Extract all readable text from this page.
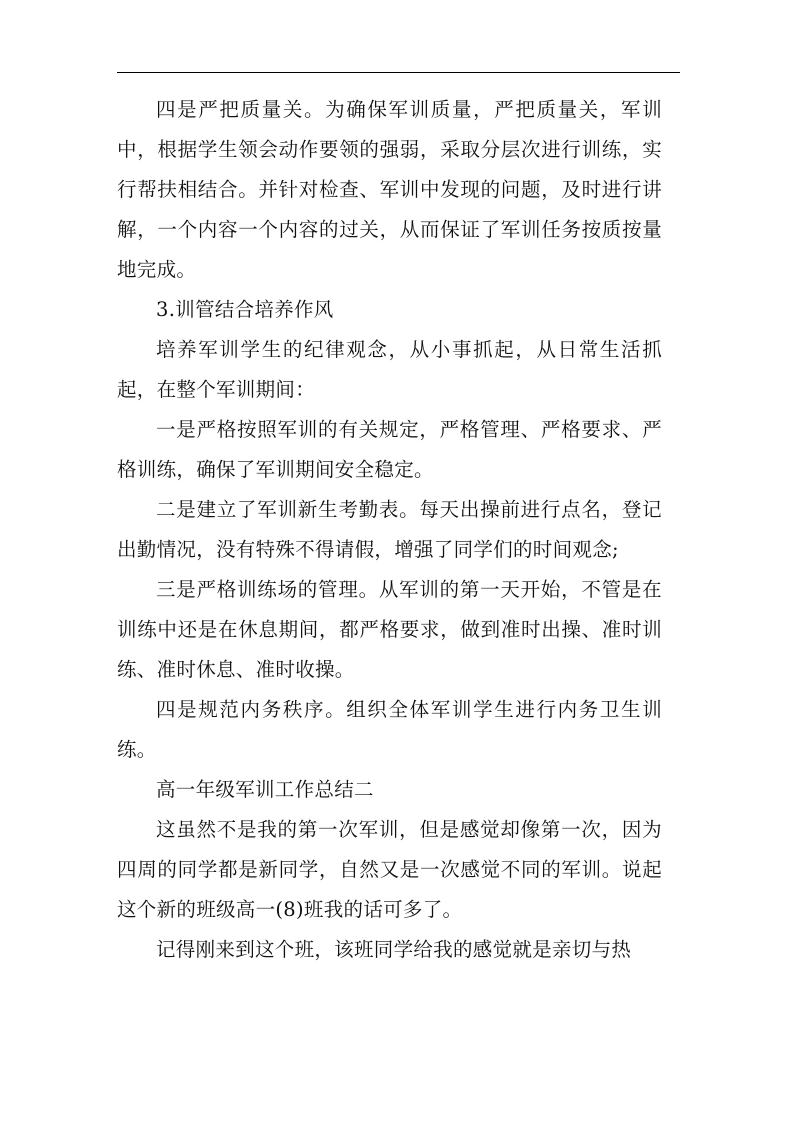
四是严把质量关。为确保军训质量，严把质量关，军训中，根据学生领会动作要领的强弱，采取分层次进行训练，实行帮扶相结合。并针对检查、军训中发现的问题，及时进行讲解，一个内容一个内容的过关，从而保证了军训任务按质按量地完成。

3.训管结合培养作风

培养军训学生的纪律观念，从小事抓起，从日常生活抓起，在整个军训期间：

一是严格按照军训的有关规定，严格管理、严格要求、严格训练，确保了军训期间安全稳定。

二是建立了军训新生考勤表。每天出操前进行点名，登记出勤情况，没有特殊不得请假，增强了同学们的时间观念;

三是严格训练场的管理。从军训的第一天开始，不管是在训练中还是在休息期间，都严格要求，做到准时出操、准时训练、准时休息、准时收操。

四是规范内务秩序。组织全体军训学生进行内务卫生训练。

高一年级军训工作总结二

这虽然不是我的第一次军训，但是感觉却像第一次，因为四周的同学都是新同学，自然又是一次感觉不同的军训。说起这个新的班级高一(8)班我的话可多了。

记得刚来到这个班，该班同学给我的感觉就是亲切与热
